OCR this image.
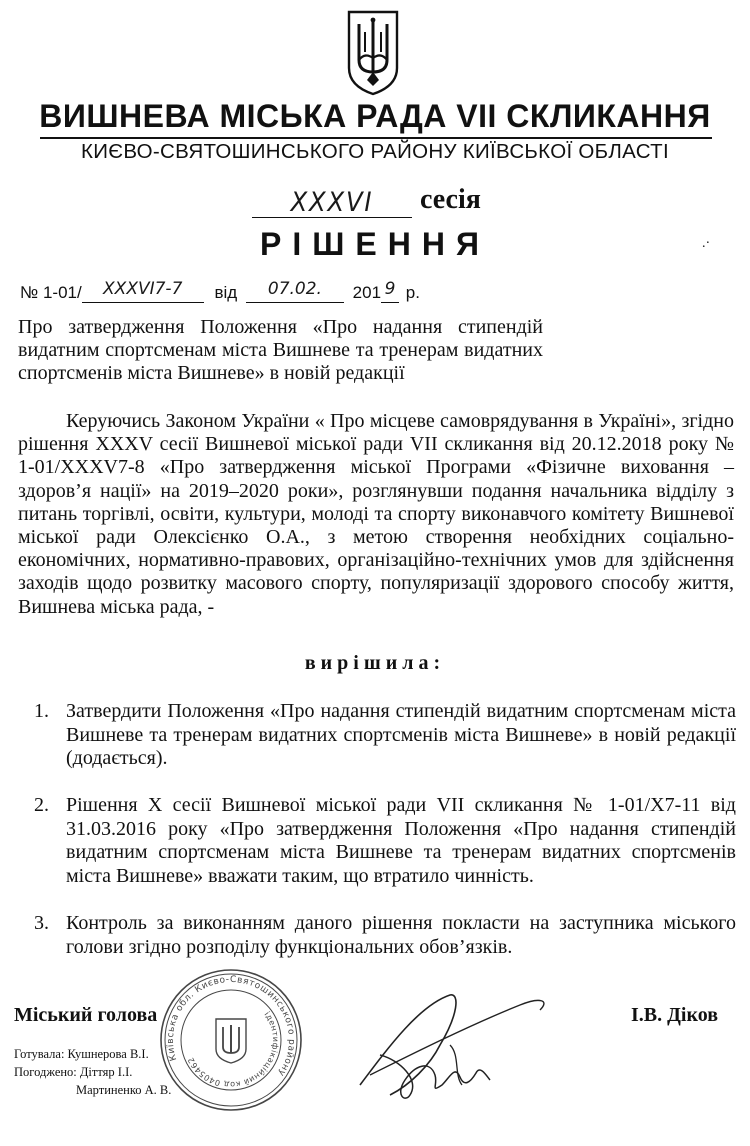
ВИШНЕВА МІСЬКА РАДА VII СКЛИКАННЯ
КИЄВО-СВЯТОШИНСЬКОГО РАЙОНУ КИЇВСЬКОЇ ОБЛАСТІ
XXXVI	сесія
РІШЕННЯ	.·
№ 1-01/ XXXVI7-7 від 07.02. 201 9 р.
Про затвердження Положення «Про надання стипендій видатним спортсменам міста Вишневе та тренерам видатних спортсменів міста Вишневе» в новій редакції
Керуючись Законом України « Про місцеве самоврядування в Україні», згідно рішення XXXV сесії Вишневої міської ради VII скликання від 20.12.2018 року № 1-01/XXXV7-8 «Про затвердження міської Програми «Фізичне виховання – здоров’я нації» на 2019–2020 роки», розглянувши подання начальника відділу з питань торгівлі, освіти, культури, молоді та спорту виконавчого комітету Вишневої міської ради Олексієнко О.А., з метою створення необхідних соціально-економічних, нормативно-правових, організаційно-технічних умов для здійснення заходів щодо розвитку масового спорту, популяризації здорового способу життя, Вишнева міська рада, -
вирішила:
1. Затвердити Положення «Про надання стипендій видатним спортсменам міста Вишневе та тренерам видатних спортсменів міста Вишневе» в новій редакції (додається).
2. Рішення X сесії Вишневої міської ради VII скликання № 1-01/X7-11 від 31.03.2016 року «Про затвердження Положення «Про надання стипендій видатним спортсменам міста Вишневе та тренерам видатних спортсменів міста Вишневе» вважати таким, що втратило чинність.
3. Контроль за виконанням даного рішення покласти на заступника міського голови згідно розподілу функціональних обов’язків.
Міський голова	І.В. Діков
Готувала: Кушнерова В.І.
Погоджено: Діттяр І.І.
Мартиненко А. В.
Київська обл. Києво-Святошинського району
ідентифікаційний код 04054628
